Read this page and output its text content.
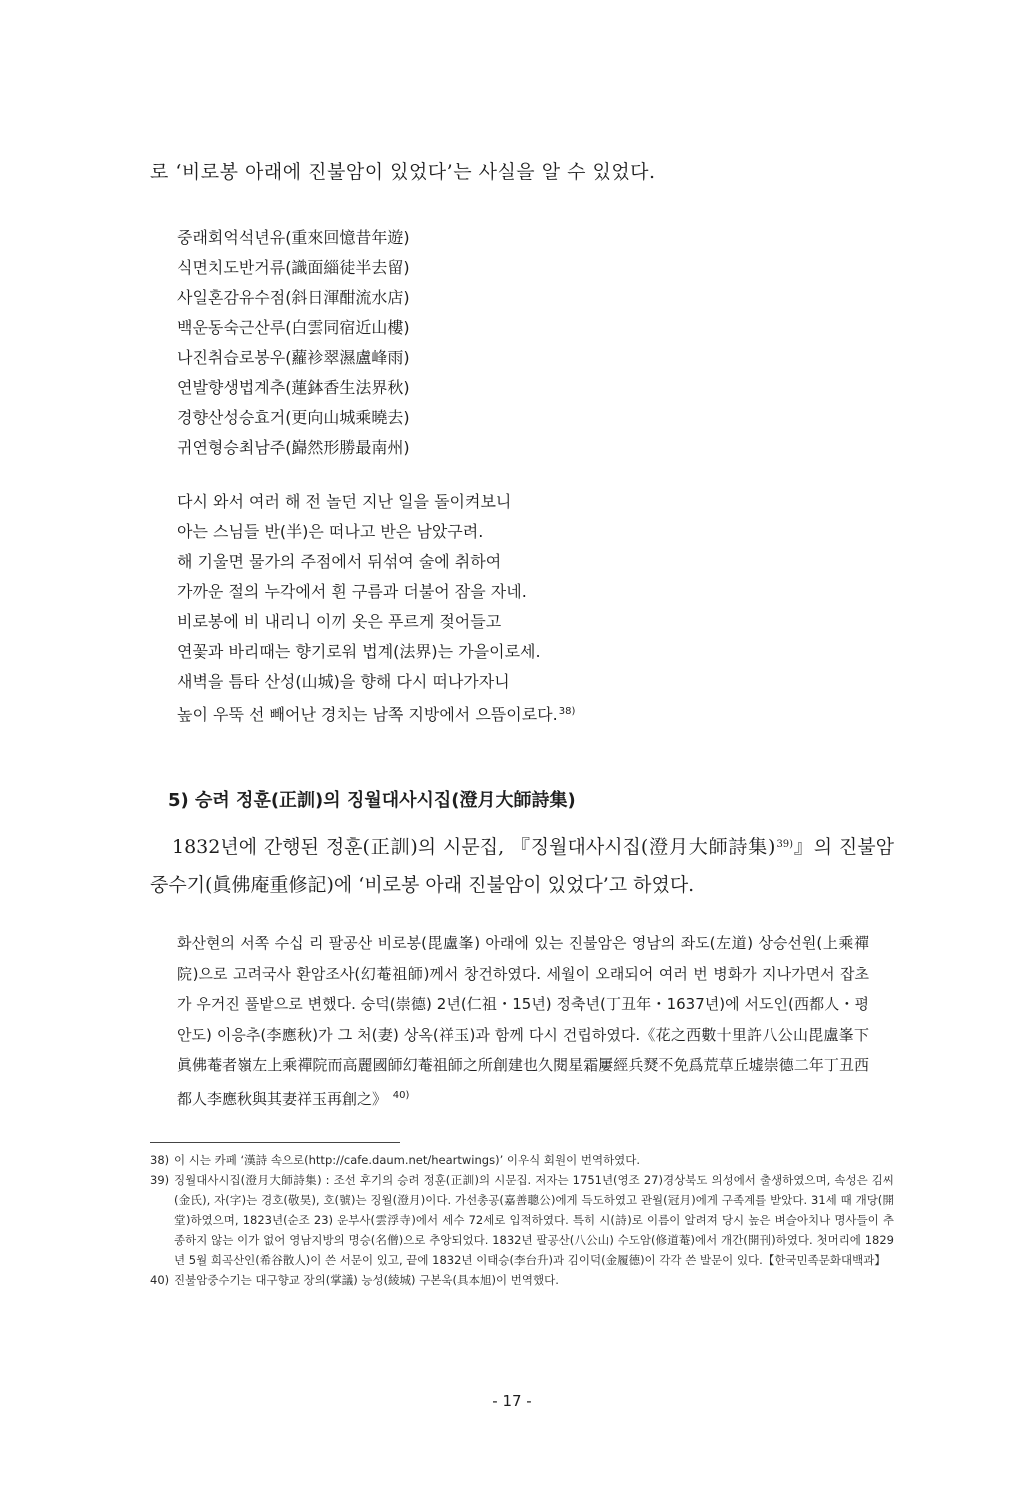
로 ‘비로봉 아래에 진불암이 있었다’는 사실을 알 수 있었다.
중래회억석년유(重來回憶昔年遊)
식면치도반거류(識面緇徒半去留)
사일혼감유수점(斜日渾酣流水店)
백운동숙근산루(白雲同宿近山樓)
나진취습로봉우(蘿袗翠濕盧峰雨)
연발향생법계추(蓮鉢香生法界秋)
경향산성승효거(更向山城乘曉去)
귀연형승최남주(巋然形勝最南州)
다시 와서 여러 해 전 놀던 지난 일을 돌이켜보니
아는 스님들 반(半)은 떠나고 반은 남았구려.
해 기울면 물가의 주점에서 뒤섞여 술에 취하여
가까운 절의 누각에서 흰 구름과 더불어 잠을 자네.
비로봉에 비 내리니 이끼 옷은 푸르게 젖어들고
연꽃과 바리때는 향기로워 법계(法界)는 가을이로세.
새벽을 틈타 산성(山城)을 향해 다시 떠나가자니
높이 우뚝 선 빼어난 경치는 남쪽 지방에서 으뜸이로다.$^{38)}$
5) 승려 정훈(正訓)의 징월대사시집(澄月大師詩集)
1832년에 간행된 정훈(正訓)의 시문집, 『징월대사시집(澄月大師詩集)$^{39)}$』의 진불암중수기(眞佛庵重修記)에 ‘비로봉 아래 진불암이 있었다’고 하였다.
화산현의 서쪽 수십 리 팔공산 비로봉(毘盧峯) 아래에 있는 진불암은 영남의 좌도(左道) 상승선원(上乘禪院)으로 고려국사 환암조사(幻菴祖師)께서 창건하였다. 세월이 오래되어 여러 번 병화가 지나가면서 잡초가 우거진 풀밭으로 변했다. 숭덕(崇德) 2년(仁祖・15년) 정축년(丁丑年・1637년)에 서도인(西都人・평안도) 이응추(李應秋)가 그 처(妻) 상옥(祥玉)과 함께 다시 건립하였다.《花之西數十里許八公山毘盧峯下眞佛菴者嶺左上乘禪院而高麗國師幻菴祖師之所創建也久閱星霜屢經兵燹不免爲荒草丘墟崇德二年丁丑西都人李應秋與其妻祥玉再創之》 $^{40)}$
38) 이 시는 카페 ‘漢詩 속으로(http://cafe.daum.net/heartwings)’ 이우식 회원이 번역하였다.
39) 징월대사시집(澄月大師詩集) : 조선 후기의 승려 정훈(正訓)의 시문집. 저자는 1751년(영조 27)경상북도 의성에서 출생하였으며, 속성은 김씨(金氏), 자(字)는 경호(敬昊), 호(號)는 징월(澄月)이다. 가선총공(嘉善聰公)에게 득도하였고 관월(冠月)에게 구족계를 받았다. 31세 때 개당(開堂)하였으며, 1823년(순조 23) 운부사(雲浮寺)에서 세수 72세로 입적하였다. 특히 시(詩)로 이름이 알려져 당시 높은 벼슬아치나 명사들이 추종하지 않는 이가 없어 영남지방의 명승(名僧)으로 추앙되었다. 1832년 팔공산(八公山) 수도암(修道菴)에서 개간(開刊)하였다. 첫머리에 1829년 5월 희곡산인(希谷散人)이 쓴 서문이 있고, 끝에 1832년 이태승(李台升)과 김이덕(金履德)이 각각 쓴 발문이 있다.【한국민족문화대백과】
40) 진불암중수기는 대구향교 장의(掌議) 능성(綾城) 구본욱(具本旭)이 번역했다.
- 17 -
